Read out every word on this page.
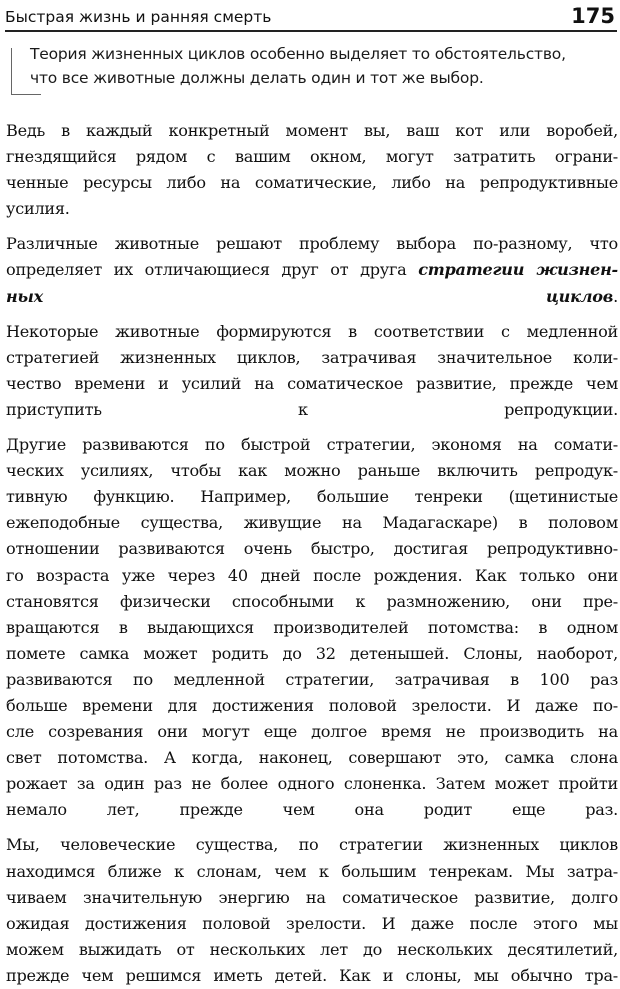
Быстрая жизнь и ранняя смерть	175
Теория жизненных циклов особенно выделяет то обстоятельство,
что все животные должны делать один и тот же выбор.

Ведь в каждый конкретный момент вы, ваш кот или воробей,
гнездящийся рядом с вашим окном, могут затратить ограни-
ченные ресурсы либо на соматические, либо на репродуктивные
усилия.

Различные животные решают проблему выбора по-разному, что
определяет их отличающиеся друг от друга стратегии жизнен-
ных циклов.

Некоторые животные формируются в соответствии с медленной
стратегией жизненных циклов, затрачивая значительное коли-
чество времени и усилий на соматическое развитие, прежде чем
приступить к репродукции.

Другие развиваются по быстрой стратегии, экономя на сомати-
ческих усилиях, чтобы как можно раньше включить репродук-
тивную функцию. Например, большие тенреки (щетинистые
ежеподобные существа, живущие на Мадагаскаре) в половом
отношении развиваются очень быстро, достигая репродуктивно-
го возраста уже через 40 дней после рождения. Как только они
становятся физически способными к размножению, они пре-
вращаются в выдающихся производителей потомства: в одном
помете самка может родить до 32 детенышей. Слоны, наоборот,
развиваются по медленной стратегии, затрачивая в 100 раз
больше времени для достижения половой зрелости. И даже по-
сле созревания они могут еще долгое время не производить на
свет потомства. А когда, наконец, совершают это, самка слона
рожает за один раз не более одного слоненка. Затем может пройти
немало лет, прежде чем она родит еще раз.

Мы, человеческие существа, по стратегии жизненных циклов
находимся ближе к слонам, чем к большим тенрекам. Мы затра-
чиваем значительную энергию на соматическое развитие, долго
ожидая достижения половой зрелости. И даже после этого мы
можем выжидать от нескольких лет до нескольких десятилетий,
прежде чем решимся иметь детей. Как и слоны, мы обычно тра-
